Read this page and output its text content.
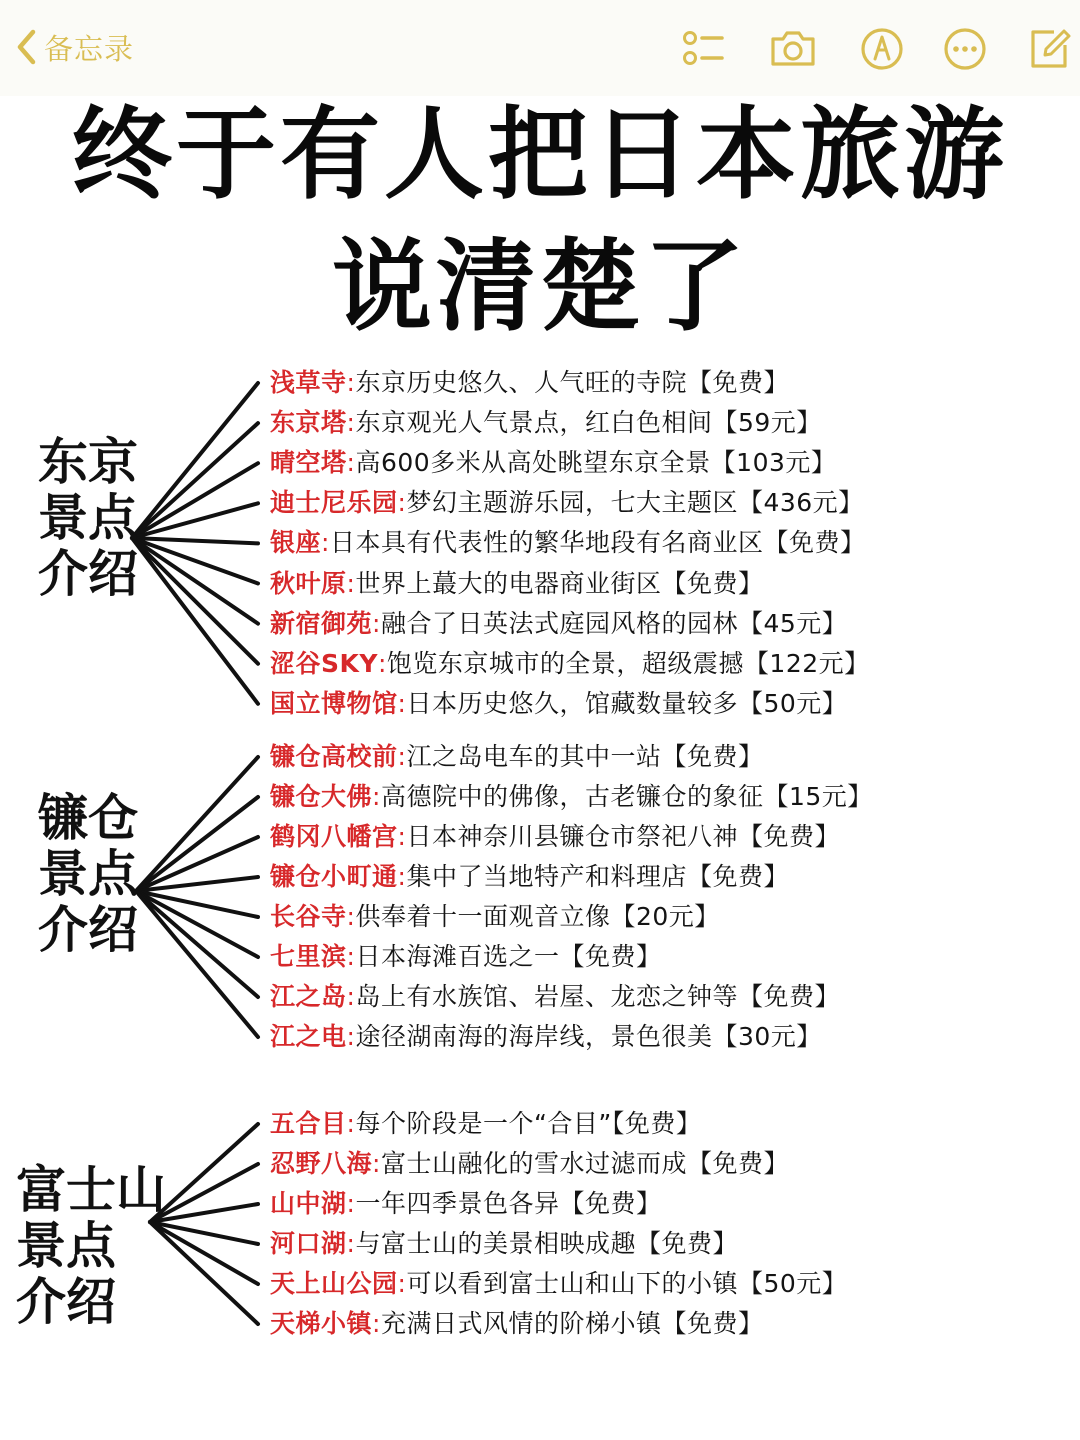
备忘录
终于有人把日本旅游
说清楚了
东京
景点
介绍
浅草寺:东京历史悠久、人气旺的寺院【免费】
东京塔:东京观光人气景点，红白色相间【59元】
晴空塔:高600多米从高处眺望东京全景【103元】
迪士尼乐园:梦幻主题游乐园，七大主题区【436元】
银座:日本具有代表性的繁华地段有名商业区【免费】
秋叶原:世界上蕞大的电器商业街区【免费】
新宿御苑:融合了日英法式庭园风格的园林【45元】
涩谷SKY:饱览东京城市的全景，超级震撼【122元】
国立博物馆:日本历史悠久，馆藏数量较多【50元】
镰仓
景点
介绍
镰仓高校前:江之岛电车的其中一站【免费】
镰仓大佛:高德院中的佛像，古老镰仓的象征【15元】
鹤冈八幡宫:日本神奈川县镰仓市祭祀八神【免费】
镰仓小町通:集中了当地特产和料理店【免费】
长谷寺:供奉着十一面观音立像【20元】
七里滨:日本海滩百选之一【免费】
江之岛:岛上有水族馆、岩屋、龙恋之钟等【免费】
江之电:途径湖南海的海岸线，景色很美【30元】
富士山
景点
介绍
五合目:每个阶段是一个“合目”【免费】
忍野八海:富士山融化的雪水过滤而成【免费】
山中湖:一年四季景色各异【免费】
河口湖:与富士山的美景相映成趣【免费】
天上山公园:可以看到富士山和山下的小镇【50元】
天梯小镇:充满日式风情的阶梯小镇【免费】
